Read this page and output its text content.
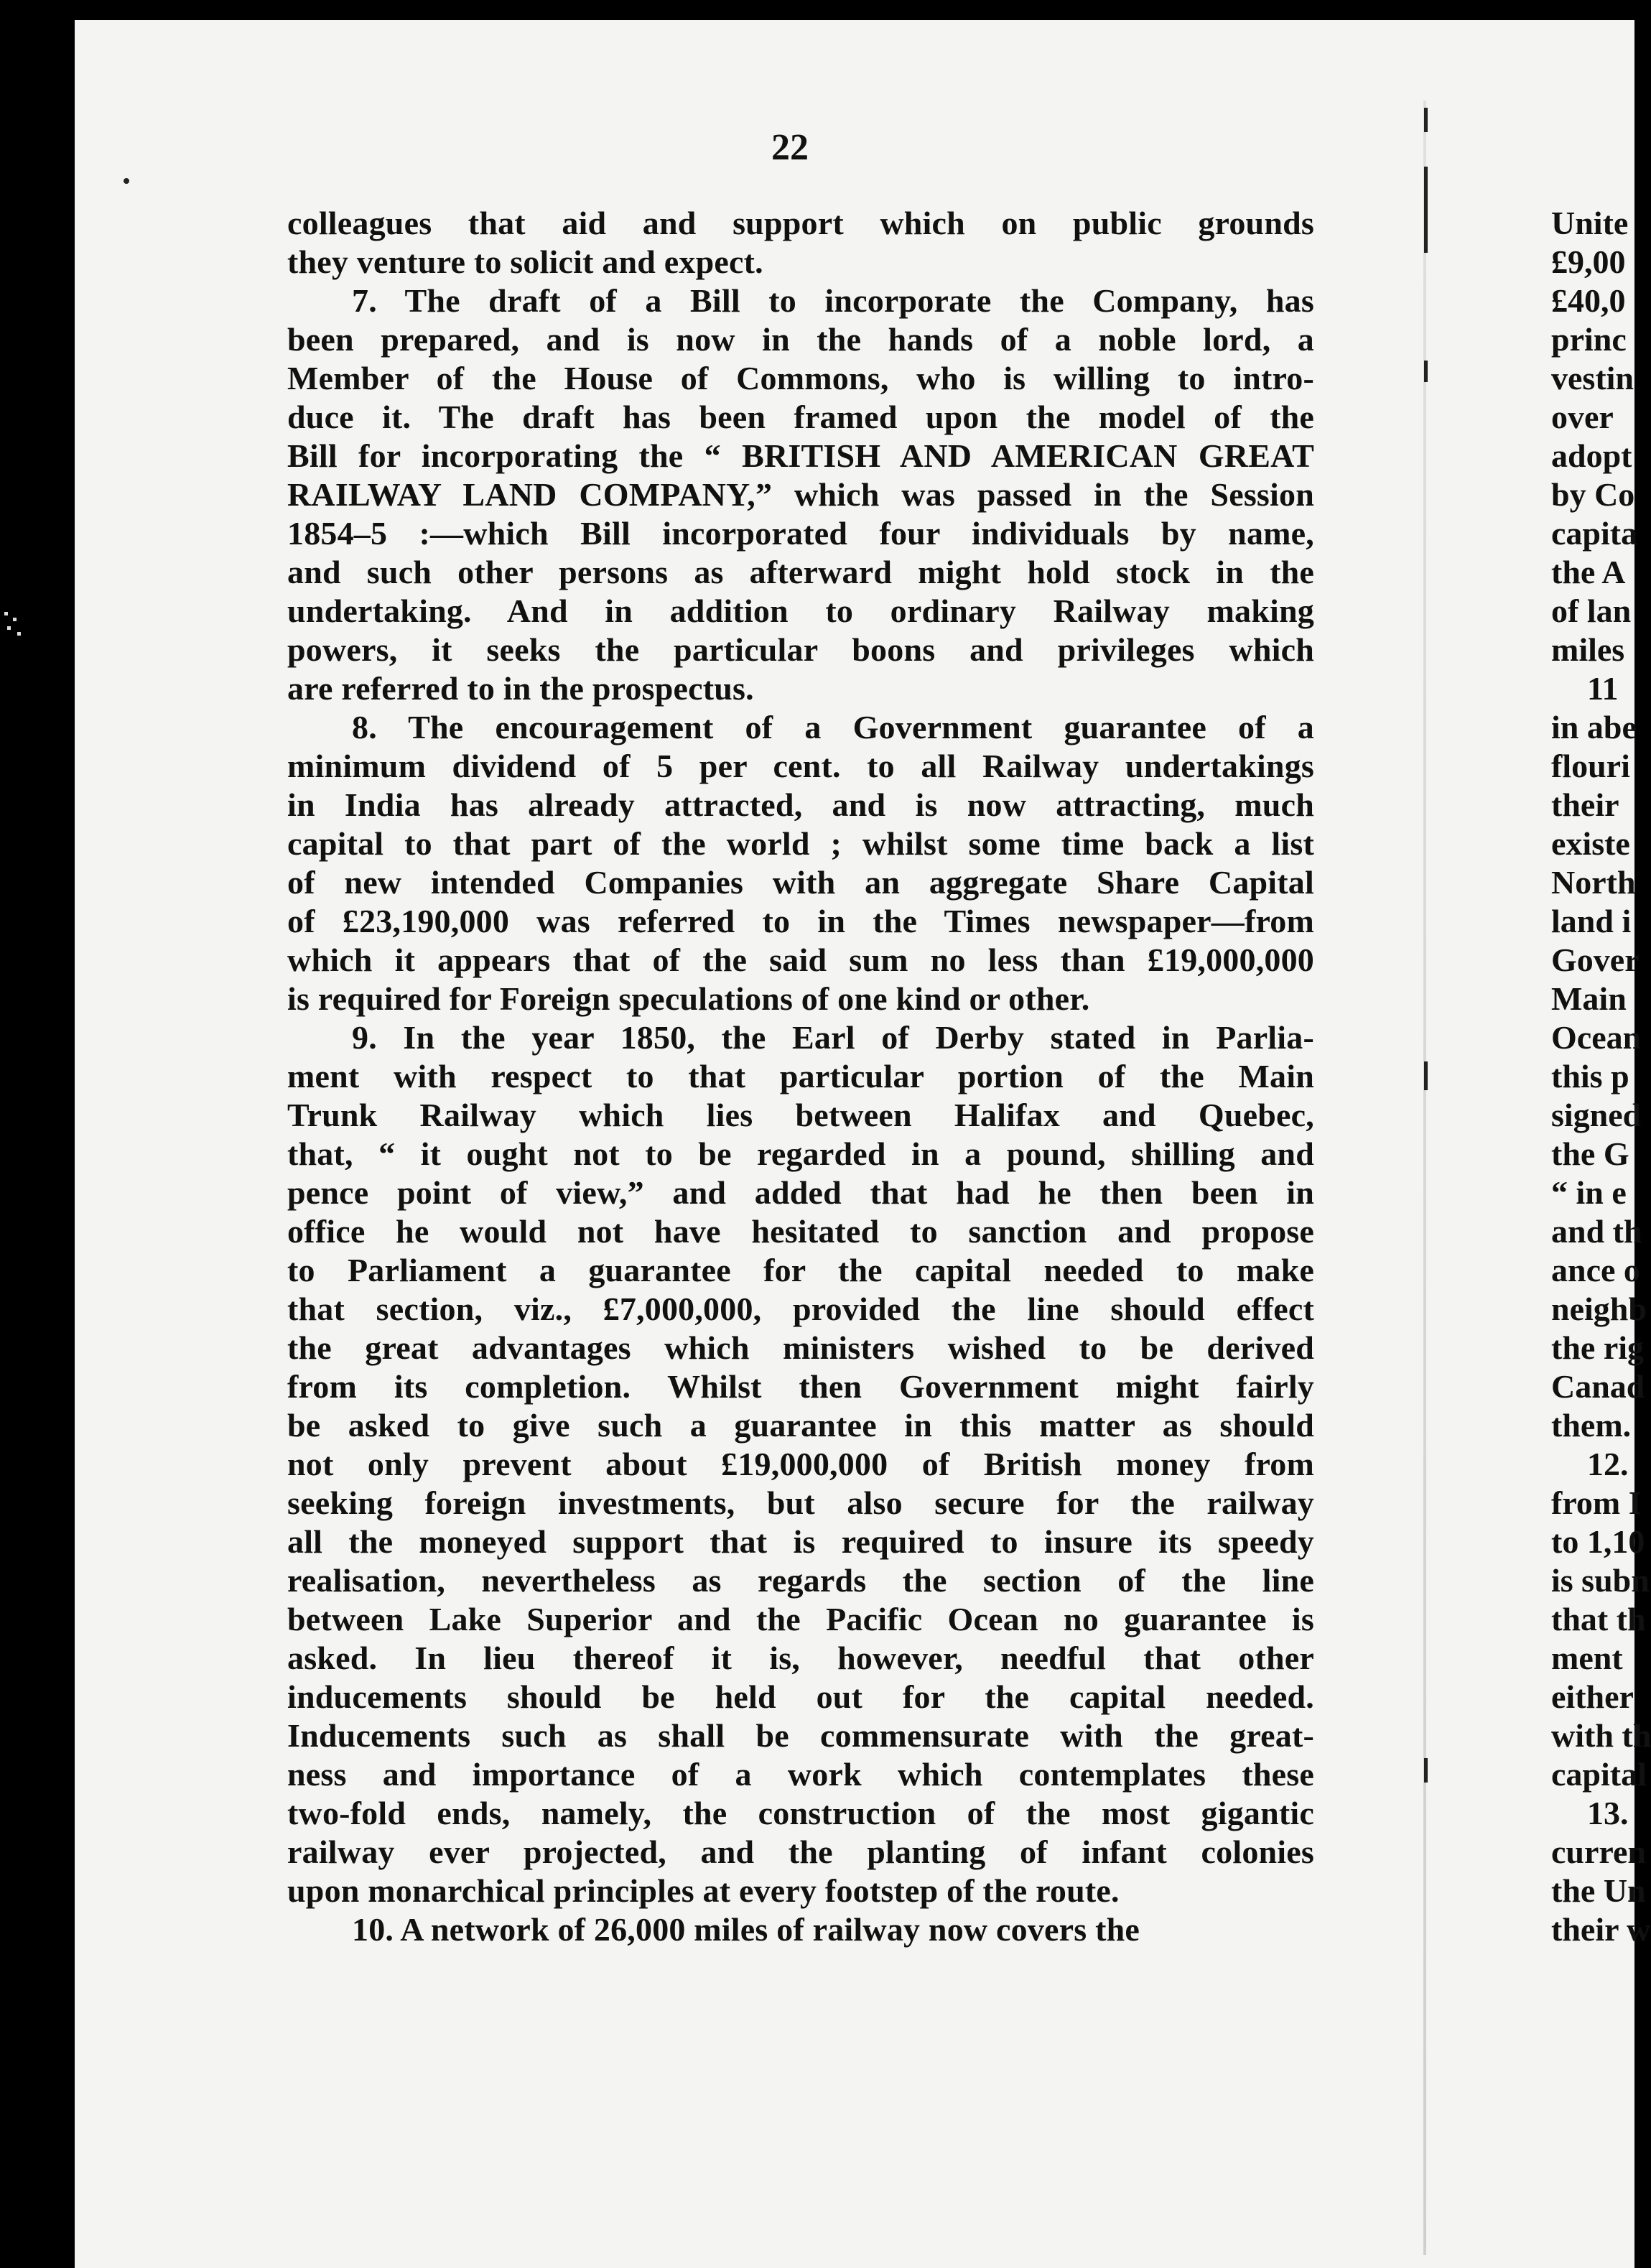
22
colleagues that aid and support which on public grounds
they venture to solicit and expect.
7. The draft of a Bill to incorporate the Company, has
been prepared, and is now in the hands of a noble lord, a
Member of the House of Commons, who is willing to intro-
duce it. The draft has been framed upon the model of the
Bill for incorporating the “ BRITISH AND AMERICAN GREAT
RAILWAY LAND COMPANY,” which was passed in the Session
1854–5 :—which Bill incorporated four individuals by name,
and such other persons as afterward might hold stock in the
undertaking. And in addition to ordinary Railway making
powers, it seeks the particular boons and privileges which
are referred to in the prospectus.
8. The encouragement of a Government guarantee of a
minimum dividend of 5 per cent. to all Railway undertakings
in India has already attracted, and is now attracting, much
capital to that part of the world ; whilst some time back a list
of new intended Companies with an aggregate Share Capital
of £23,190,000 was referred to in the Times newspaper—from
which it appears that of the said sum no less than £19,000,000
is required for Foreign speculations of one kind or other.
9. In the year 1850, the Earl of Derby stated in Parlia-
ment with respect to that particular portion of the Main
Trunk Railway which lies between Halifax and Quebec,
that, “ it ought not to be regarded in a pound, shilling and
pence point of view,” and added that had he then been in
office he would not have hesitated to sanction and propose
to Parliament a guarantee for the capital needed to make
that section, viz., £7,000,000, provided the line should effect
the great advantages which ministers wished to be derived
from its completion. Whilst then Government might fairly
be asked to give such a guarantee in this matter as should
not only prevent about £19,000,000 of British money from
seeking foreign investments, but also secure for the railway
all the moneyed support that is required to insure its speedy
realisation, nevertheless as regards the section of the line
between Lake Superior and the Pacific Ocean no guarantee is
asked. In lieu thereof it is, however, needful that other
inducements should be held out for the capital needed.
Inducements such as shall be commensurate with the great-
ness and importance of a work which contemplates these
two-fold ends, namely, the construction of the most gigantic
railway ever projected, and the planting of infant colonies
upon monarchical principles at every footstep of the route.
10. A network of 26,000 miles of railway now covers the
Unite
£9,00
£40,0
princ
vestin
over
adopt
by Co
capita
the A
of lan
miles
11
in abe
flouri
their
existe
North
land i
Gover
Main
Ocean
this p
signed
the G
“ in e
and th
ance o
neighb
the rig
Canad
them.
12.
from I
to 1,10
is subn
that th
ment
either
with th
capital
13.
curren
the Un
their w
